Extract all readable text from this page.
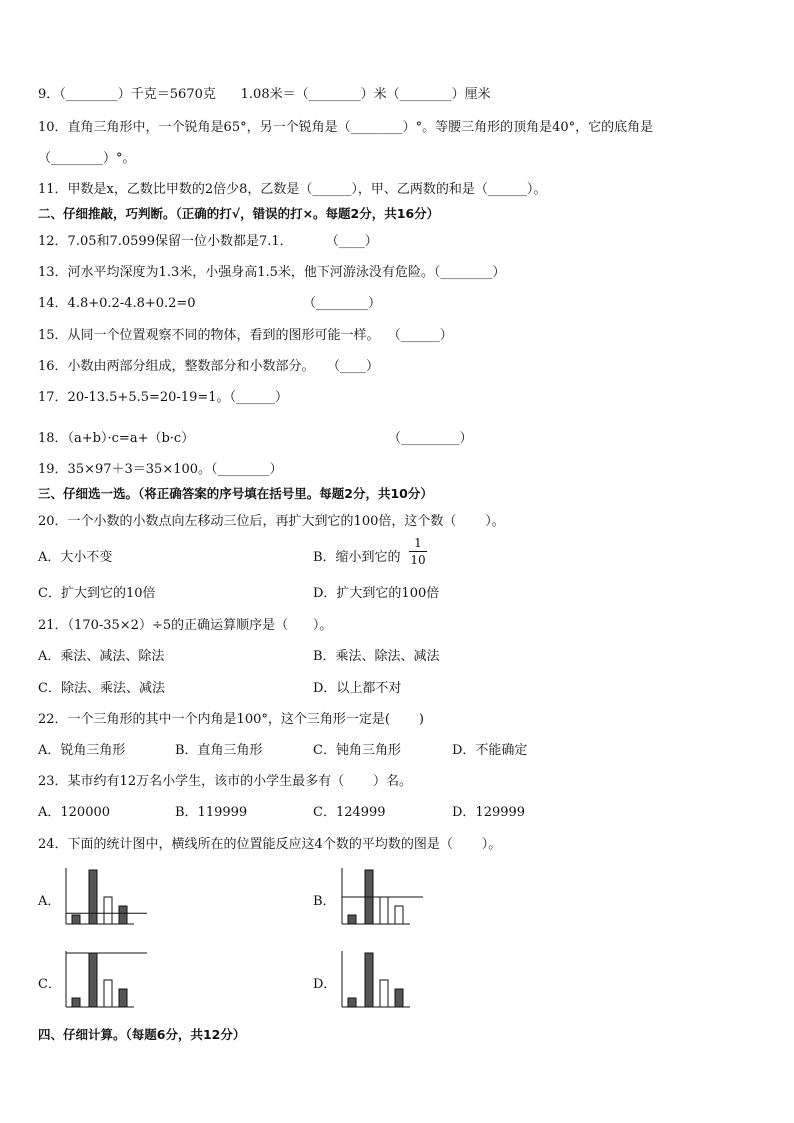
9．（________）千克＝5670克      1.08米＝（________）米（________）厘米
10．直角三角形中，一个锐角是65°，另一个锐角是（________）°。等腰三角形的顶角是40°，它的底角是
（________）°。
11．甲数是x，乙数比甲数的2倍少8，乙数是（______），甲、乙两数的和是（______）。
二、仔细推敲，巧判断。（正确的打√，错误的打×。每题2分，共16分）
12．7.05和7.0599保留一位小数都是7.1．        （____）
13．河水平均深度为1.3米，小强身高1.5米，他下河游泳没有危险。（________）
14．4.8+0.2-4.8+0.2=0                          （________）
15．从同一个位置观察不同的物体，看到的图形可能一样。  （______）
16．小数由两部分组成，整数部分和小数部分。   （____）
17．20-13.5+5.5=20-19=1。（______）
18．（a+b）·c=a+（b·c）	（_________）
19．35×97＋3＝35×100。（________）
三、仔细选一选。（将正确答案的序号填在括号里。每题2分，共10分）
20．一个小数的小数点向左移动三位后，再扩大到它的100倍，这个数（       ）。
A．大小不变	B．缩小到它的
1
10
C．扩大到它的10倍	D．扩大到它的100倍
21．（170-35×2）÷5的正确运算顺序是（      ）。
A．乘法、减法、除法	B．乘法、除法、减法
C．除法、乘法、减法	D．以上都不对
22．一个三角形的其中一个内角是100°，这个三角形一定是(       )
A．锐角三角形	B．直角三角形	C．钝角三角形	D．不能确定
23．某市约有12万名小学生，该市的小学生最多有（       ）名。
A．120000	B．119999	C．124999	D．129999
24．下面的统计图中，横线所在的位置能反应这4个数的平均数的图是（       ）。
A．	B．
C．	D．
四、仔细计算。（每题6分，共12分）
